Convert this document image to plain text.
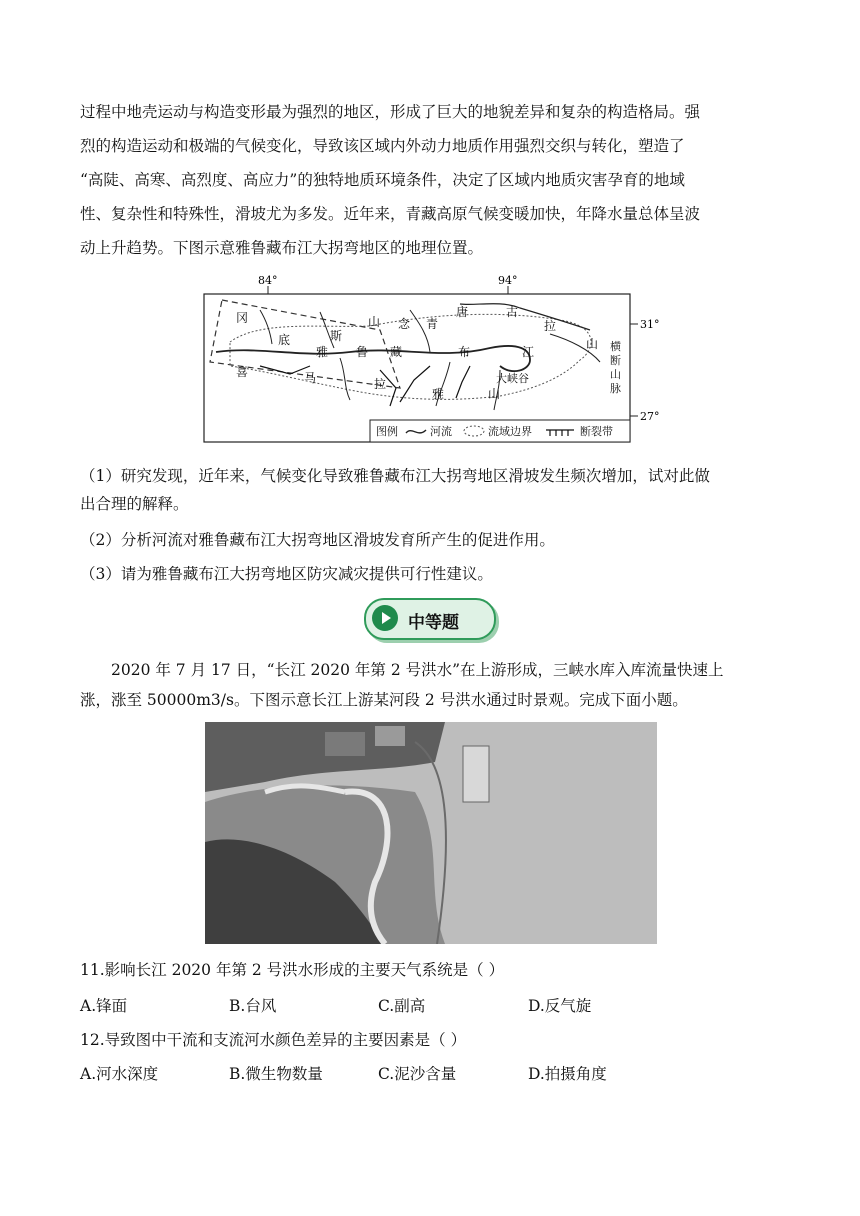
过程中地壳运动与构造变形最为强烈的地区，形成了巨大的地貌差异和复杂的构造格局。强
烈的构造运动和极端的气候变化，导致该区域内外动力地质作用强烈交织与转化，塑造了
“高陡、高寒、高烈度、高应力”的独特地质环境条件，决定了区域内地质灾害孕育的地域
性、复杂性和特殊性，滑坡尤为多发。近年来，青藏高原气候变暖加快，年降水量总体呈波
动上升趋势。下图示意雅鲁藏布江大拐弯地区的地理位置。
84°	94°
31°
27°
冈
底	斯
山 念 青
唐	古
拉
山
雅 鲁 藏	布	江
喜	马	拉
雅	山
大峡谷
横
断
山
脉
图例	河流	流域边界	断裂带
（1）研究发现，近年来，气候变化导致雅鲁藏布江大拐弯地区滑坡发生频次增加，试对此做
出合理的解释。
（2）分析河流对雅鲁藏布江大拐弯地区滑坡发育所产生的促进作用。
（3）请为雅鲁藏布江大拐弯地区防灾减灾提供可行性建议。
中等题
2020 年 7 月 17 日，“长江 2020 年第 2 号洪水”在上游形成，三峡水库入库流量快速上
涨，涨至 50000m3/s。下图示意长江上游某河段 2 号洪水通过时景观。完成下面小题。
11.影响长江 2020 年第 2 号洪水形成的主要天气系统是（ ）
A.锋面	B.台风	C.副高	D.反气旋
12.导致图中干流和支流河水颜色差异的主要因素是（ ）
A.河水深度	B.微生物数量	C.泥沙含量	D.拍摄角度
